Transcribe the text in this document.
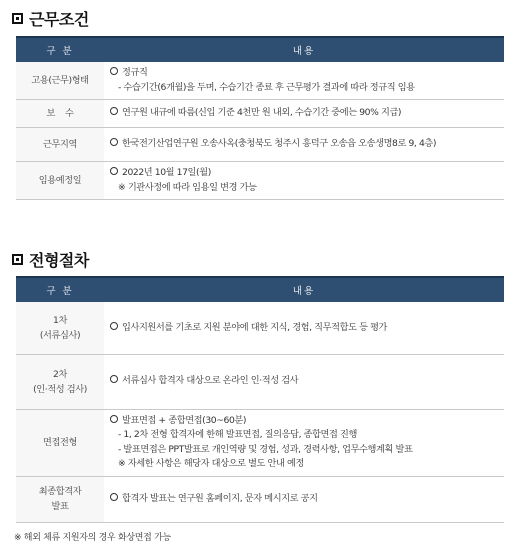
근무조건
구 분	내용
고용(근무)형태	정규직
- 수습기간(6개월)을 두며, 수습기간 종료 후 근무평가 결과에 따라 정규직 임용

보    수	연구원 내규에 따름(신입 기준 4천만 원 내외, 수습기간 중에는 90% 지급)

근무지역	한국전기산업연구원 오송사옥(충청북도 청주시 흥덕구 오송읍 오송생명8로 9, 4층)

임용예정일	2022년 10월 17일(월)
※ 기관사정에 따라 임용일 변경 가능
전형절차
구 분	내용

1차
(서류심사)	입사지원서를 기초로 지원 분야에 대한 지식, 경험, 직무적합도 등 평가

2차
(인·적성 검사)	서류심사 합격자 대상으로 온라인 인·적성 검사

면접전형	발표면접 + 종합면접(30~60분)
- 1, 2차 전형 합격자에 한해 발표면접, 질의응답, 종합면접 진행
- 발표면접은 PPT발표로 개인역량 및 경험, 성과, 경력사항, 업무수행계획 발표
※ 자세한 사항은 해당자 대상으로 별도 안내 예정

최종합격자
발표	합격자 발표는 연구원 홈페이지, 문자 메시지로 공지
※ 해외 체류 지원자의 경우 화상면접 가능
